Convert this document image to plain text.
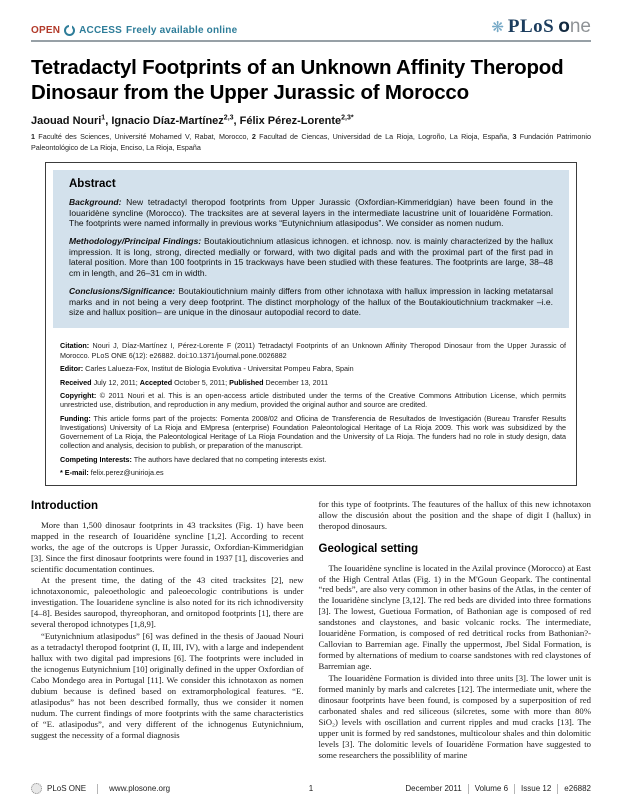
OPEN ACCESS Freely available online	❋ PLoS one
Tetradactyl Footprints of an Unknown Affinity Theropod Dinosaur from the Upper Jurassic of Morocco
Jaouad Nouri$^1$, Ignacio Díaz-Martínez$^{2,3}$, Félix Pérez-Lorente$^{2,3*}$
1 Faculté des Sciences, Université Mohamed V, Rabat, Morocco, 2 Facultad de Ciencas, Universidad de La Rioja, Logroño, La Rioja, España, 3 Fundación Patrimonio Paleontológico de La Rioja, Enciso, La Rioja, España
Abstract

Background: New tetradactyl theropod footprints from Upper Jurassic (Oxfordian-Kimmeridgian) have been found in the Iouaridène syncline (Morocco). The tracksites are at several layers in the intermediate lacustrine unit of Iouaridène Formation. The footprints were named informally in previous works “Eutynichnium atlasipodus”. We consider as nomen nudum.

Methodology/Principal Findings: Boutakioutichnium atlasicus ichnogen. et ichnosp. nov. is mainly characterized by the hallux impression. It is long, strong, directed medially or forward, with two digital pads and with the proximal part of the first pad in lateral position. More than 100 footprints in 15 trackways have been studied with these features. The footprints are large, 38–48 cm in length, and 26–31 cm in width.

Conclusions/Significance: Boutakioutichnium mainly differs from other ichnotaxa with hallux impression in lacking metatarsal marks and in not being a very deep footprint. The distinct morphology of the hallux of the Boutakioutichnium trackmaker –i.e. size and hallux position– are unique in the dinosaur autopodial record to date.

Citation: Nouri J, Díaz-Martínez I, Pérez-Lorente F (2011) Tetradactyl Footprints of an Unknown Affinity Theropod Dinosaur from the Upper Jurassic of Morocco. PLoS ONE 6(12): e26882. doi:10.1371/journal.pone.0026882

Editor: Carles Lalueza-Fox, Institut de Biologia Evolutiva - Universitat Pompeu Fabra, Spain

Received July 12, 2011; Accepted October 5, 2011; Published December 13, 2011

Copyright: © 2011 Nouri et al. This is an open-access article distributed under the terms of the Creative Commons Attribution License, which permits unrestricted use, distribution, and reproduction in any medium, provided the original author and source are credited.

Funding: This article forms part of the projects: Fomenta 2008/02 and Oficina de Transferencia de Resultados de Investigación (Bureau Transfer Results Investigations) University of La Rioja and EMpresa (enterprise) Foundation Paleontological Heritage of La Rioja 2009. This work was subsidized by the Governement of La Rioja, the Paleontological Heritage of La Rioja Foundation and the University of La Rioja. The funders had no role in study design, data collection and analysis, decision to publish, or preparation of the manuscript.

Competing Interests: The authors have declared that no competing interests exist.

* E-mail: felix.perez@unirioja.es

Introduction

More than 1,500 dinosaur footprints in 43 tracksites (Fig. 1) have been mapped in the research of Iouaridène syncline [1,2]. According to recent works, the age of the outcrops is Upper Jurassic, Oxfordian-Kimmeridgian [3]. Since the first dinosaur footprints were found in 1937 [1], discoveries and scientific documentation continues.

At the present time, the dating of the 43 cited tracksites [2], new ichnotaxonomic, paleoethologic and paleoecologic contributions is under investigation. The Iouaridene syncline is also noted for its rich ichnodiversity [4–8]. Besides sauropod, thyreophoran, and ornitopod footprints [1], there are several theropod ichnotypes [1,8,9].

“Eutynichnium atlasipodus” [6] was defined in the thesis of Jaouad Nouri as a tetradactyl theropod footprint (I, II, III, IV), with a large and independent hallux with two digital pad impresions [6]. The footprints were included in the icnogenus Eutynichnium [10] originally defined in the upper Oxfordian of Cabo Mondego area in Portugal [11]. We consider this ichnotaxon as nomen dubium because is defined based on extramorphological features. “E. atlasipodus” has not been described formally, thus we consider it nomen nudum. The current findings of more footprints with the same characteristics of “E. atlasipodus”, and very different of the ichnogenus Eutynichnium, suggest the necessity of a formal diagnosis

for this type of footprints. The feautures of the hallux of this new ichnotaxon allow the discusión about the position and the shape of digit I (hallux) in theropod dinosaurs.

Geological setting

The Iouaridène syncline is located in the Azilal province (Morocco) at East of the High Central Atlas (Fig. 1) in the M'Goun Geopark. The continental “red beds”, are also very common in other basins of the Atlas, in the center of the Iouaridène sinclyne [3,12]. The red beds are divided into three formations [3]. The lowest, Guetioua Formation, of Bathonian age is composed of red sandstones and claystones, and basic volcanic rocks. The intermediate, Iouaridène Formation, is composed of red detritical rocks from Bathonian?-Callovian to Barremian age. Finally the uppermost, Jbel Sidal Formation, is formed by alternations of medium to coarse sandstones with red claystones of Barremian age.

The Iouaridène Formation is divided into three units [3]. The lower unit is formed maninly by marls and calcretes [12]. The intermediate unit, where the dinosaur footprints have been found, is composed by a superposition of red carbonated shales and red siliceous (silcretes, some with more than 80% SiO₂) levels with oscillation and current ripples and mud cracks [13]. The upper unit is formed by red sandstones, multicolour shales and thin dolomitic levels [3]. The dolomitic levels of Iouaridène Formation have suggested to some researchers the possiblility of marine

PLoS ONE	www.plosone.org	1	December 2011 Volume 6 Issue 12 e26882
